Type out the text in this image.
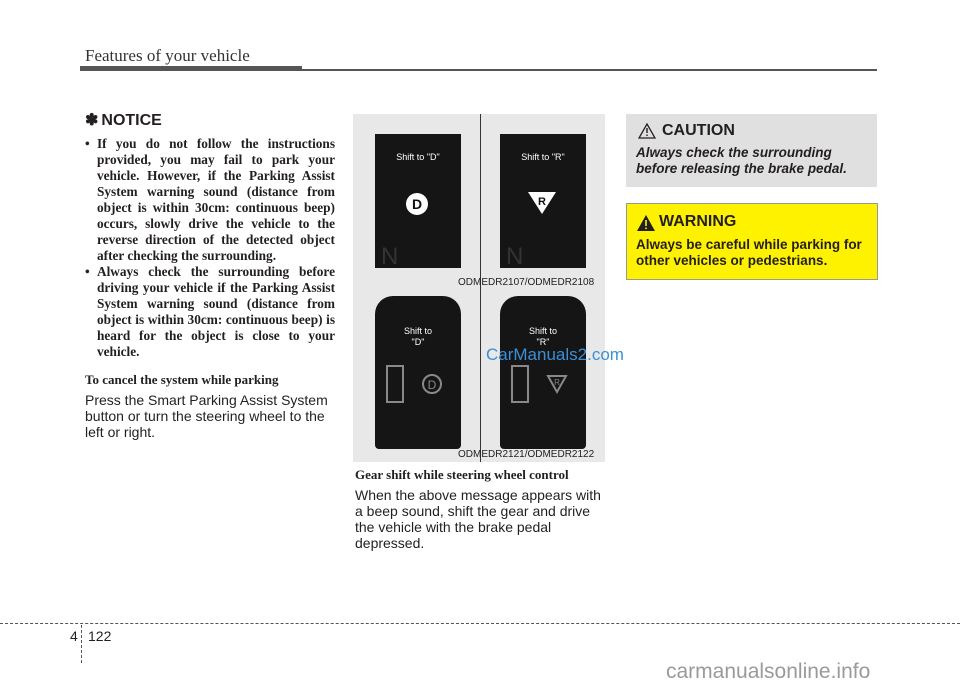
Features of your vehicle
✽ NOTICE
• If you do not follow the instructions provided, you may fail to park your vehicle. However, if the Parking Assist System warning sound (distance from object is within 30cm: continuous beep) occurs, slowly drive the vehicle to the reverse direction of the detected object after checking the surrounding.
• Always check the surrounding before driving your vehicle if the Parking Assist System warning sound (distance from object is within 30cm: continuous beep) is heard for the object is close to your vehicle.
To cancel the system while parking
Press the Smart Parking Assist System button or turn the steering wheel to the left or right.
Shift to "D"
D
N
Shift to "R"
R
N
Shift to
"D"
D
Shift to
"R"
R
ODMEDR2107/ODMEDR2108
ODMEDR2121/ODMEDR2122
CarManuals2.com
Gear shift while steering wheel control
When the above message appears with a beep sound, shift the gear and drive the vehicle with the brake pedal depressed.
CAUTION
Always check the surrounding before releasing the brake pedal.
WARNING
Always be careful while parking for other vehicles or pedestrians.
4 122
carmanualsonline.info
